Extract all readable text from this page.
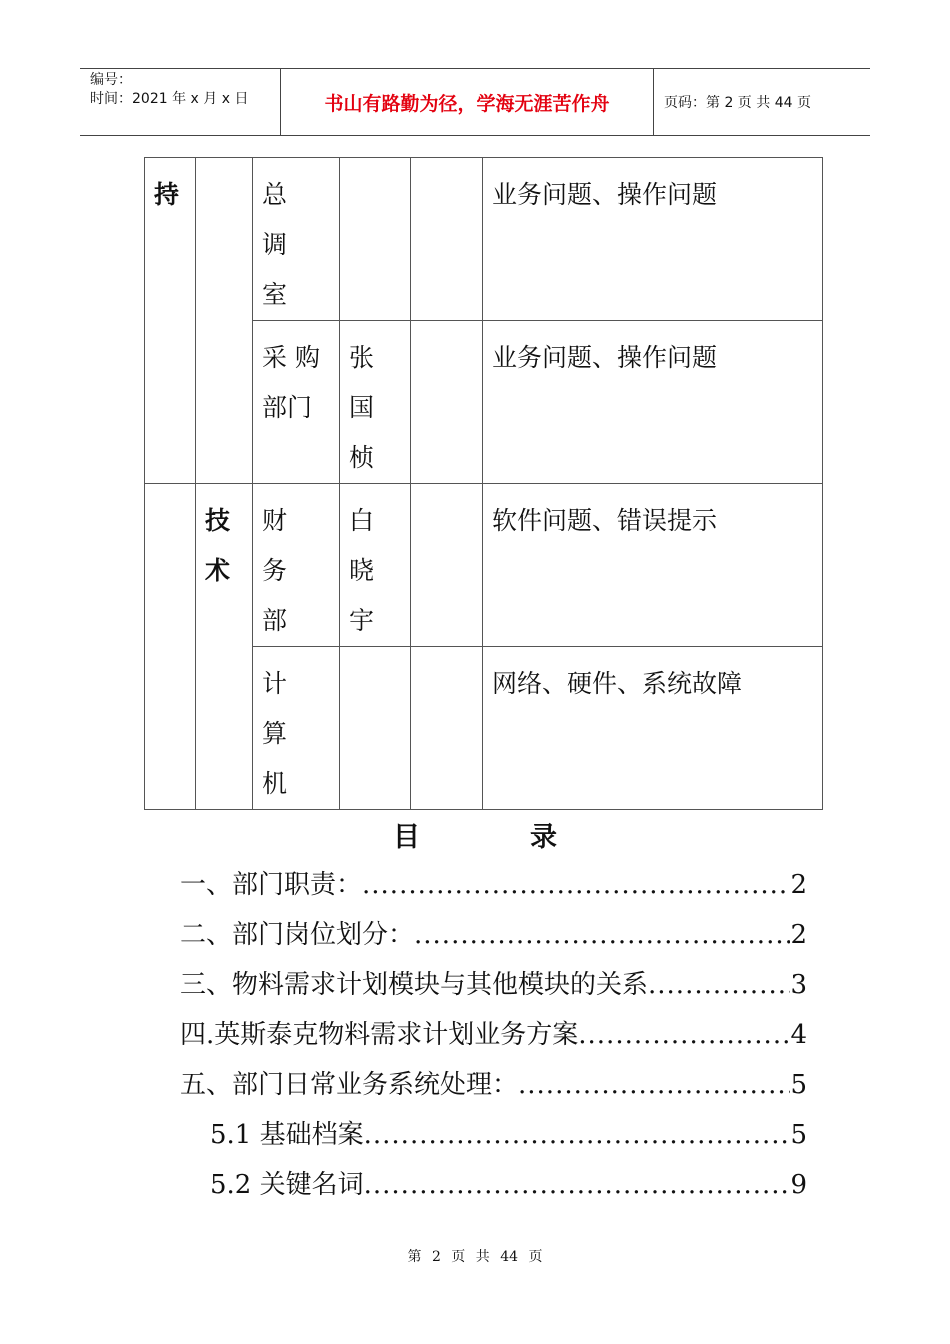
编号：
时间：2021 年 x 月 x 日	书山有路勤为径，学海无涯苦作舟	页码：第 2 页 共 44 页
持		总
调
室			业务问题、操作问题

		采 购
部门	张
国
桢		业务问题、操作问题

	技
术	财
务
部	白
晓
宇		软件问题、错误提示

		计
算
机			网络、硬件、系统故障
目	录
一、部门职责： .....	2
二、部门岗位划分： .....	2
三、物料需求计划模块与其他模块的关系 .....	3
四.英斯泰克物料需求计划业务方案 .....	4
五、部门日常业务系统处理： .....	5
5.1 基础档案 .....	5
5.2 关键名词 .....	9
第 2 页 共 44 页
